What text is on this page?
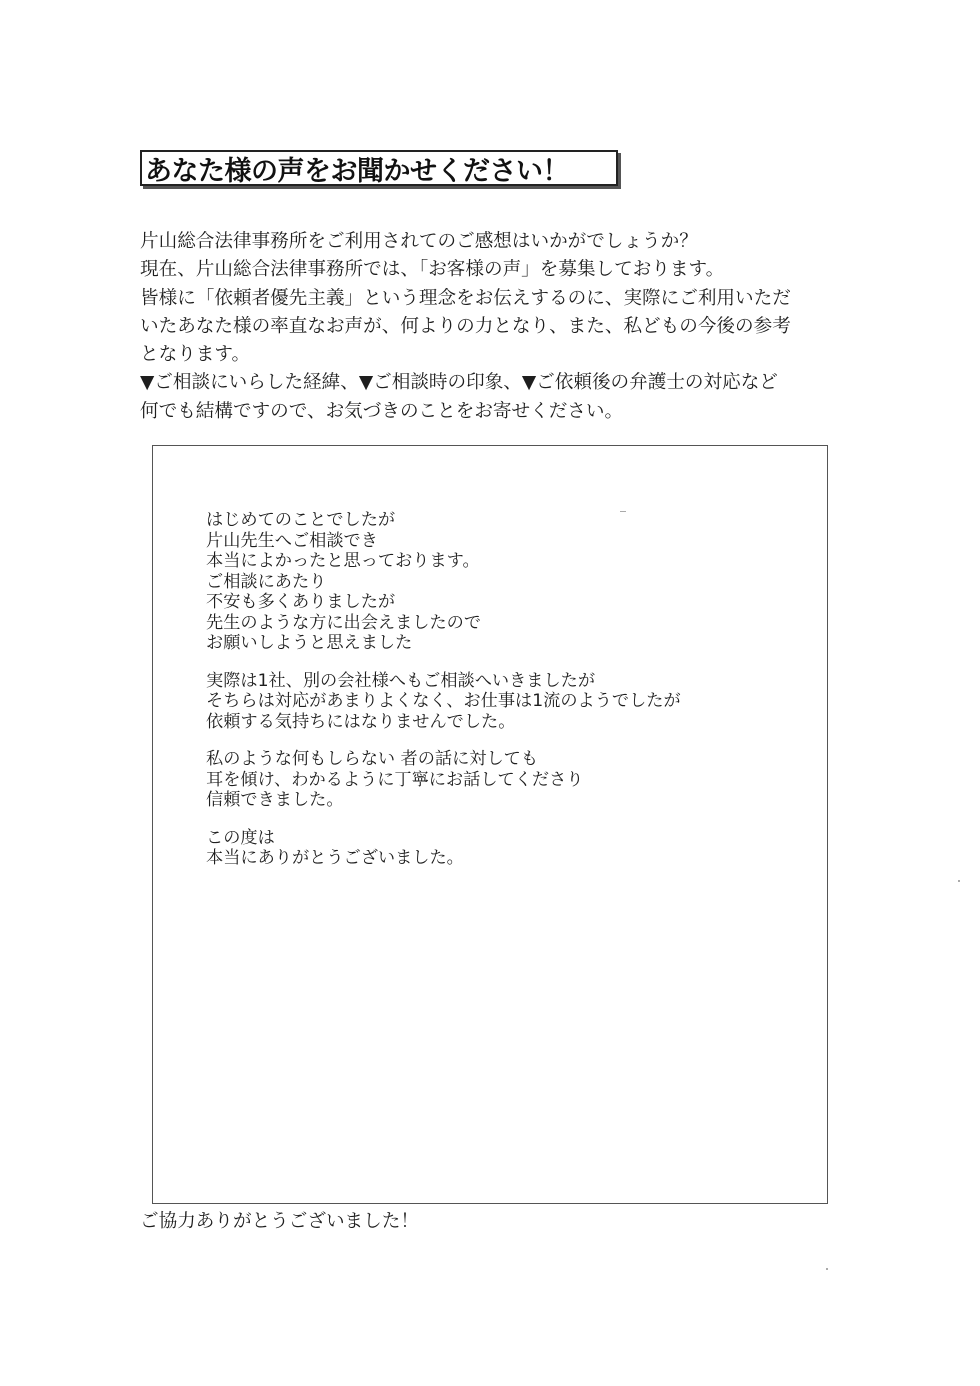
あなた様の声をお聞かせください！
片山総合法律事務所をご利用されてのご感想はいかがでしょうか？
現在、片山総合法律事務所では、「お客様の声」を募集しております。
皆様に「依頼者優先主義」という理念をお伝えするのに、実際にご利用いただ
いたあなた様の率直なお声が、何よりの力となり、また、私どもの今後の参考
となります。
▼ご相談にいらした経緯、▼ご相談時の印象、▼ご依頼後の弁護士の対応など
何でも結構ですので、お気づきのことをお寄せください。
はじめてのことでしたが
片山先生へご相談でき
本当によかったと思っております。
ご相談にあたり
不安も多くありましたが
先生のような方に出会えましたので
お願いしようと思えました
実際は1社、別の会社様へもご相談へいきましたが
そちらは対応があまりよくなく、お仕事は1流のようでしたが
依頼する気持ちにはなりませんでした。
私のような何もしらない 者の話に対しても
耳を傾け、わかるように丁寧にお話してくださり
信頼できました。
この度は
本当にありがとうございました。
ご協力ありがとうございました！
